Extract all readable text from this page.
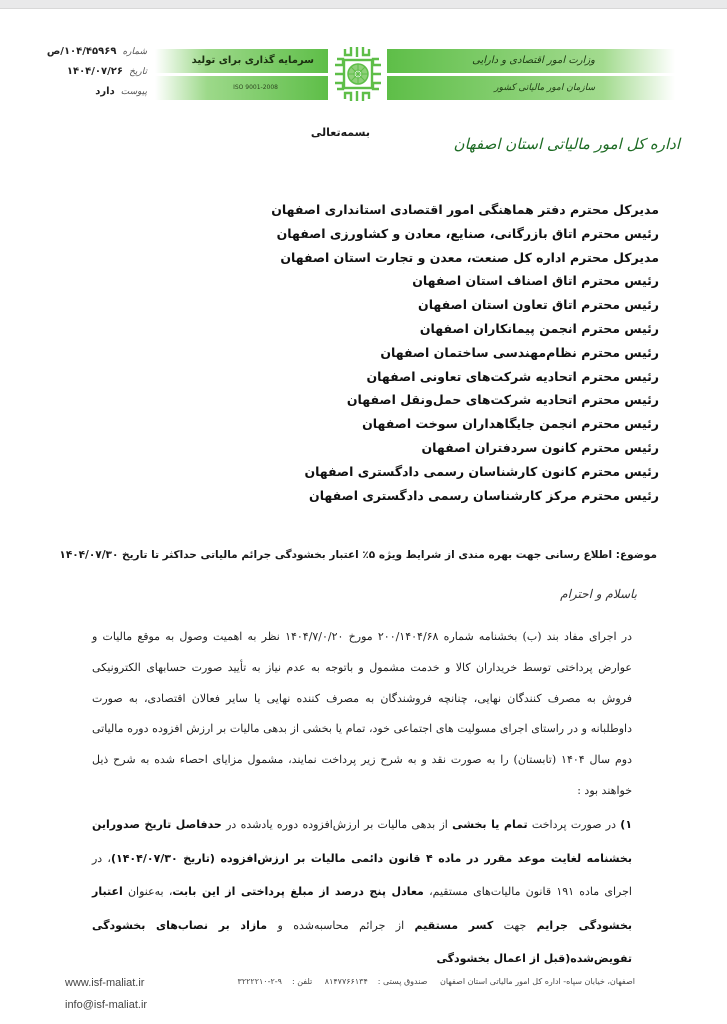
شماره
۱۰۴/۴۵۹۶۹/ص
تاریخ
۱۴۰۴/۰۷/۲۶
پیوست
دارد
سرمایه گذاری برای تولید
ISO 9001-2008
وزارت امور اقتصادی و دارایی
سازمان امور مالیاتی کشور
بسمه‌تعالی
اداره کل امور مالیاتی استان اصفهان
مدیرکل محترم دفتر هماهنگی امور اقتصادی استانداری اصفهان
رئیس محترم اتاق بازرگانی، صنایع، معادن و کشاورزی اصفهان
مدیرکل محترم اداره کل صنعت، معدن و تجارت استان اصفهان
رئیس محترم اتاق اصناف استان اصفهان
رئیس محترم اتاق تعاون استان اصفهان
رئیس محترم انجمن پیمانکاران اصفهان
رئیس محترم نظام‌مهندسی ساختمان اصفهان
رئیس محترم اتحادیه شرکت‌های تعاونی اصفهان
رئیس محترم اتحادیه شرکت‌های حمل‌ونقل اصفهان
رئیس محترم انجمن جایگاهداران سوخت اصفهان
رئیس محترم کانون سردفتران اصفهان
رئیس محترم کانون کارشناسان رسمی دادگستری اصفهان
رئیس محترم مرکز کارشناسان رسمی دادگستری اصفهان
موضوع: اطلاع رسانی جهت بهره مندی از شرایط ویژه ۵٪ اعتبار بخشودگی جرائم مالیاتی حداکثر تا تاریخ ۱۴۰۴/۰۷/۳۰
باسلام و احترام
در اجرای مفاد بند (ب) بخشنامه شماره ۲۰۰/۱۴۰۴/۶۸ مورخ ۱۴۰۴/۷/۰/۲۰ نظر به اهمیت وصول به موقع مالیات و عوارض پرداختی توسط خریداران کالا و خدمت مشمول و باتوجه به عدم نیاز به تأیید صورت حسابهای الکترونیکی فروش به مصرف کنندگان نهایی، چنانچه فروشندگان به مصرف کننده نهایی یا سایر فعالان اقتصادی، به صورت داوطلبانه و در راستای اجرای مسولیت های اجتماعی خود، تمام یا بخشی از بدهی مالیات بر ارزش افزوده دوره مالیاتی دوم سال ۱۴۰۴ (تابستان) را به صورت نقد و به شرح زیر پرداخت نمایند، مشمول مزایای احصاء شده به شرح ذیل خواهند بود :
۱) در صورت پرداخت تمام یا بخشی از بدهی مالیات بر ارزش‌افزوده دوره یادشده در حدفاصل تاریخ صدوراین بخشنامه لغایت موعد مقرر در ماده ۴ قانون دائمی مالیات بر ارزش‌افزوده (تاریخ ۱۴۰۴/۰۷/۳۰)، در اجرای ماده ۱۹۱ قانون مالیات‌های مستقیم، معادل پنج درصد از مبلغ پرداختی از این بابت، به‌عنوان اعتبار بخشودگی جرایم جهت کسر مستقیم از جرائم محاسبه‌شده و مازاد بر نصاب‌های بخشودگی تفویض‌شده(قبل از اعمال بخشودگی
اصفهان، خیابان سپاه- اداره کل امور مالیاتی استان اصفهان صندوق پستی :۸۱۴۷۷۶۶۱۳۴ تلفن :۹-۲-۳۲۲۲۲۱۰
www.isf-maliat.ir
info@isf-maliat.ir
